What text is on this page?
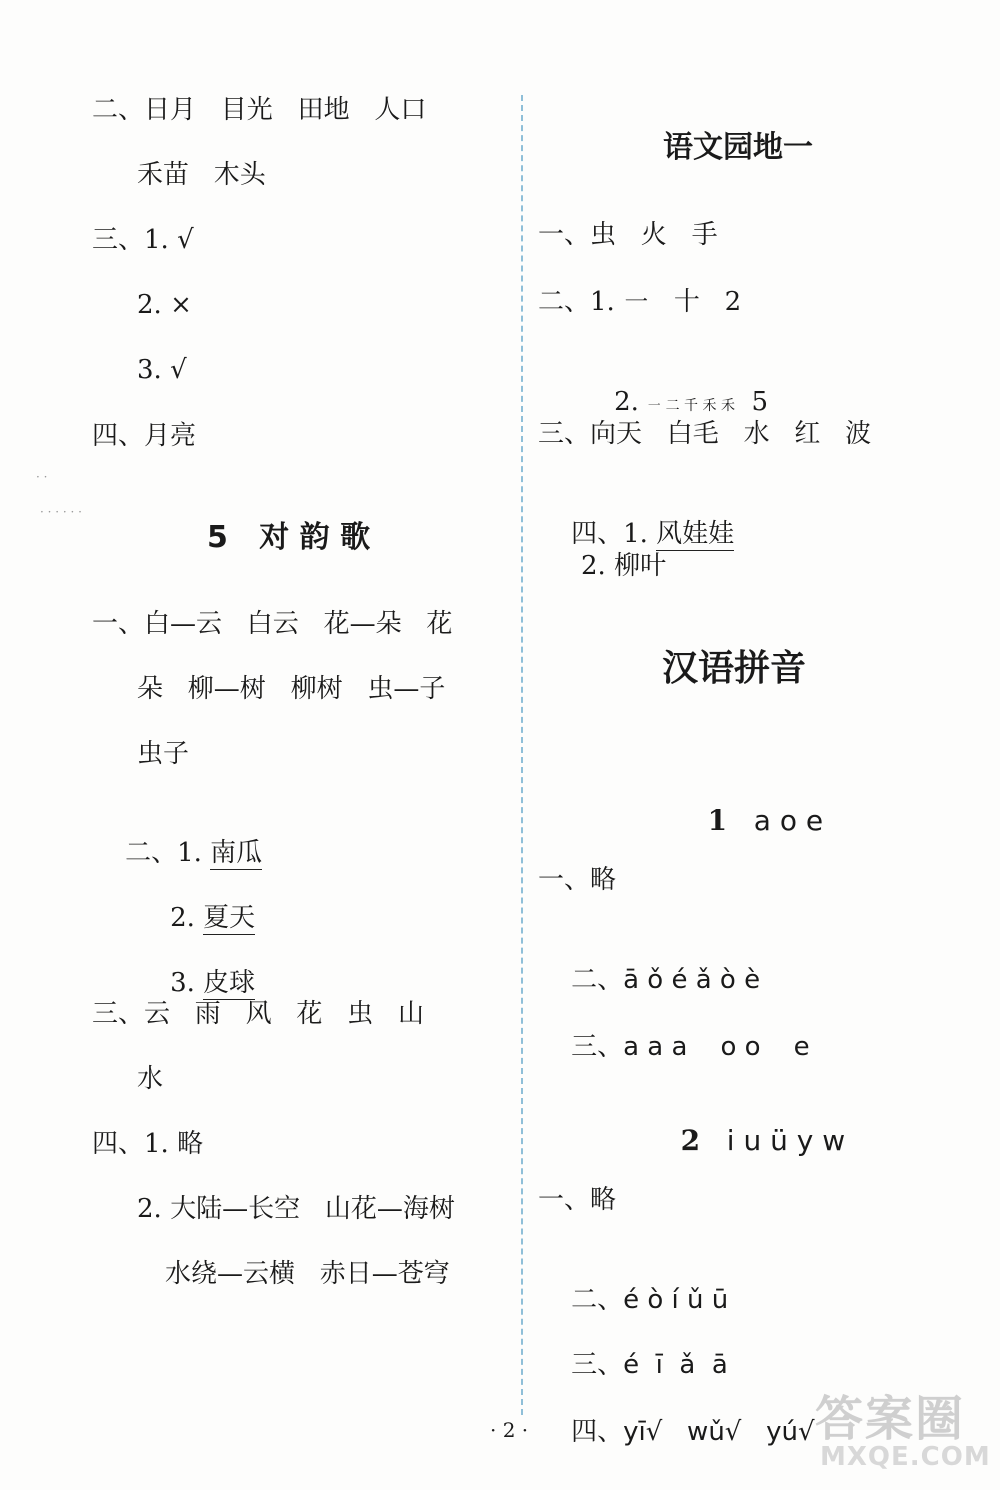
二、日月   目光   田地   人口
禾苗   木头
三、1. √
2. ×
3. √
四、月亮
· ·
· · · · · ·
5   对 韵 歌
一、白—云   白云   花—朵   花
朵   柳—树   柳树   虫—子
虫子

二、1. 南瓜

2. 夏天

3. 皮球

三、云   雨   风   花   虫   山
水
四、1. 略
2. 大陆—长空   山花—海树
水绕—云横   赤日—苍穹
语文园地一
一、虫   火   手
二、1. ㇐   十   2

2. ㇐ 二 千 禾 禾  5

三、向天   白毛   水   红   波

四、1. 风娃娃

2. 柳叶
汉语拼音

1 a o e

一、略

二、ā ǒ é ǎ ò è

三、a a a    o o    e

2 i u ü y w

一、略

二、é ò í ǔ ū

三、é  ī  ǎ  ā

四、yī√   wǔ√   yú√

· 2 ·	答案圈
MXQE.COM
